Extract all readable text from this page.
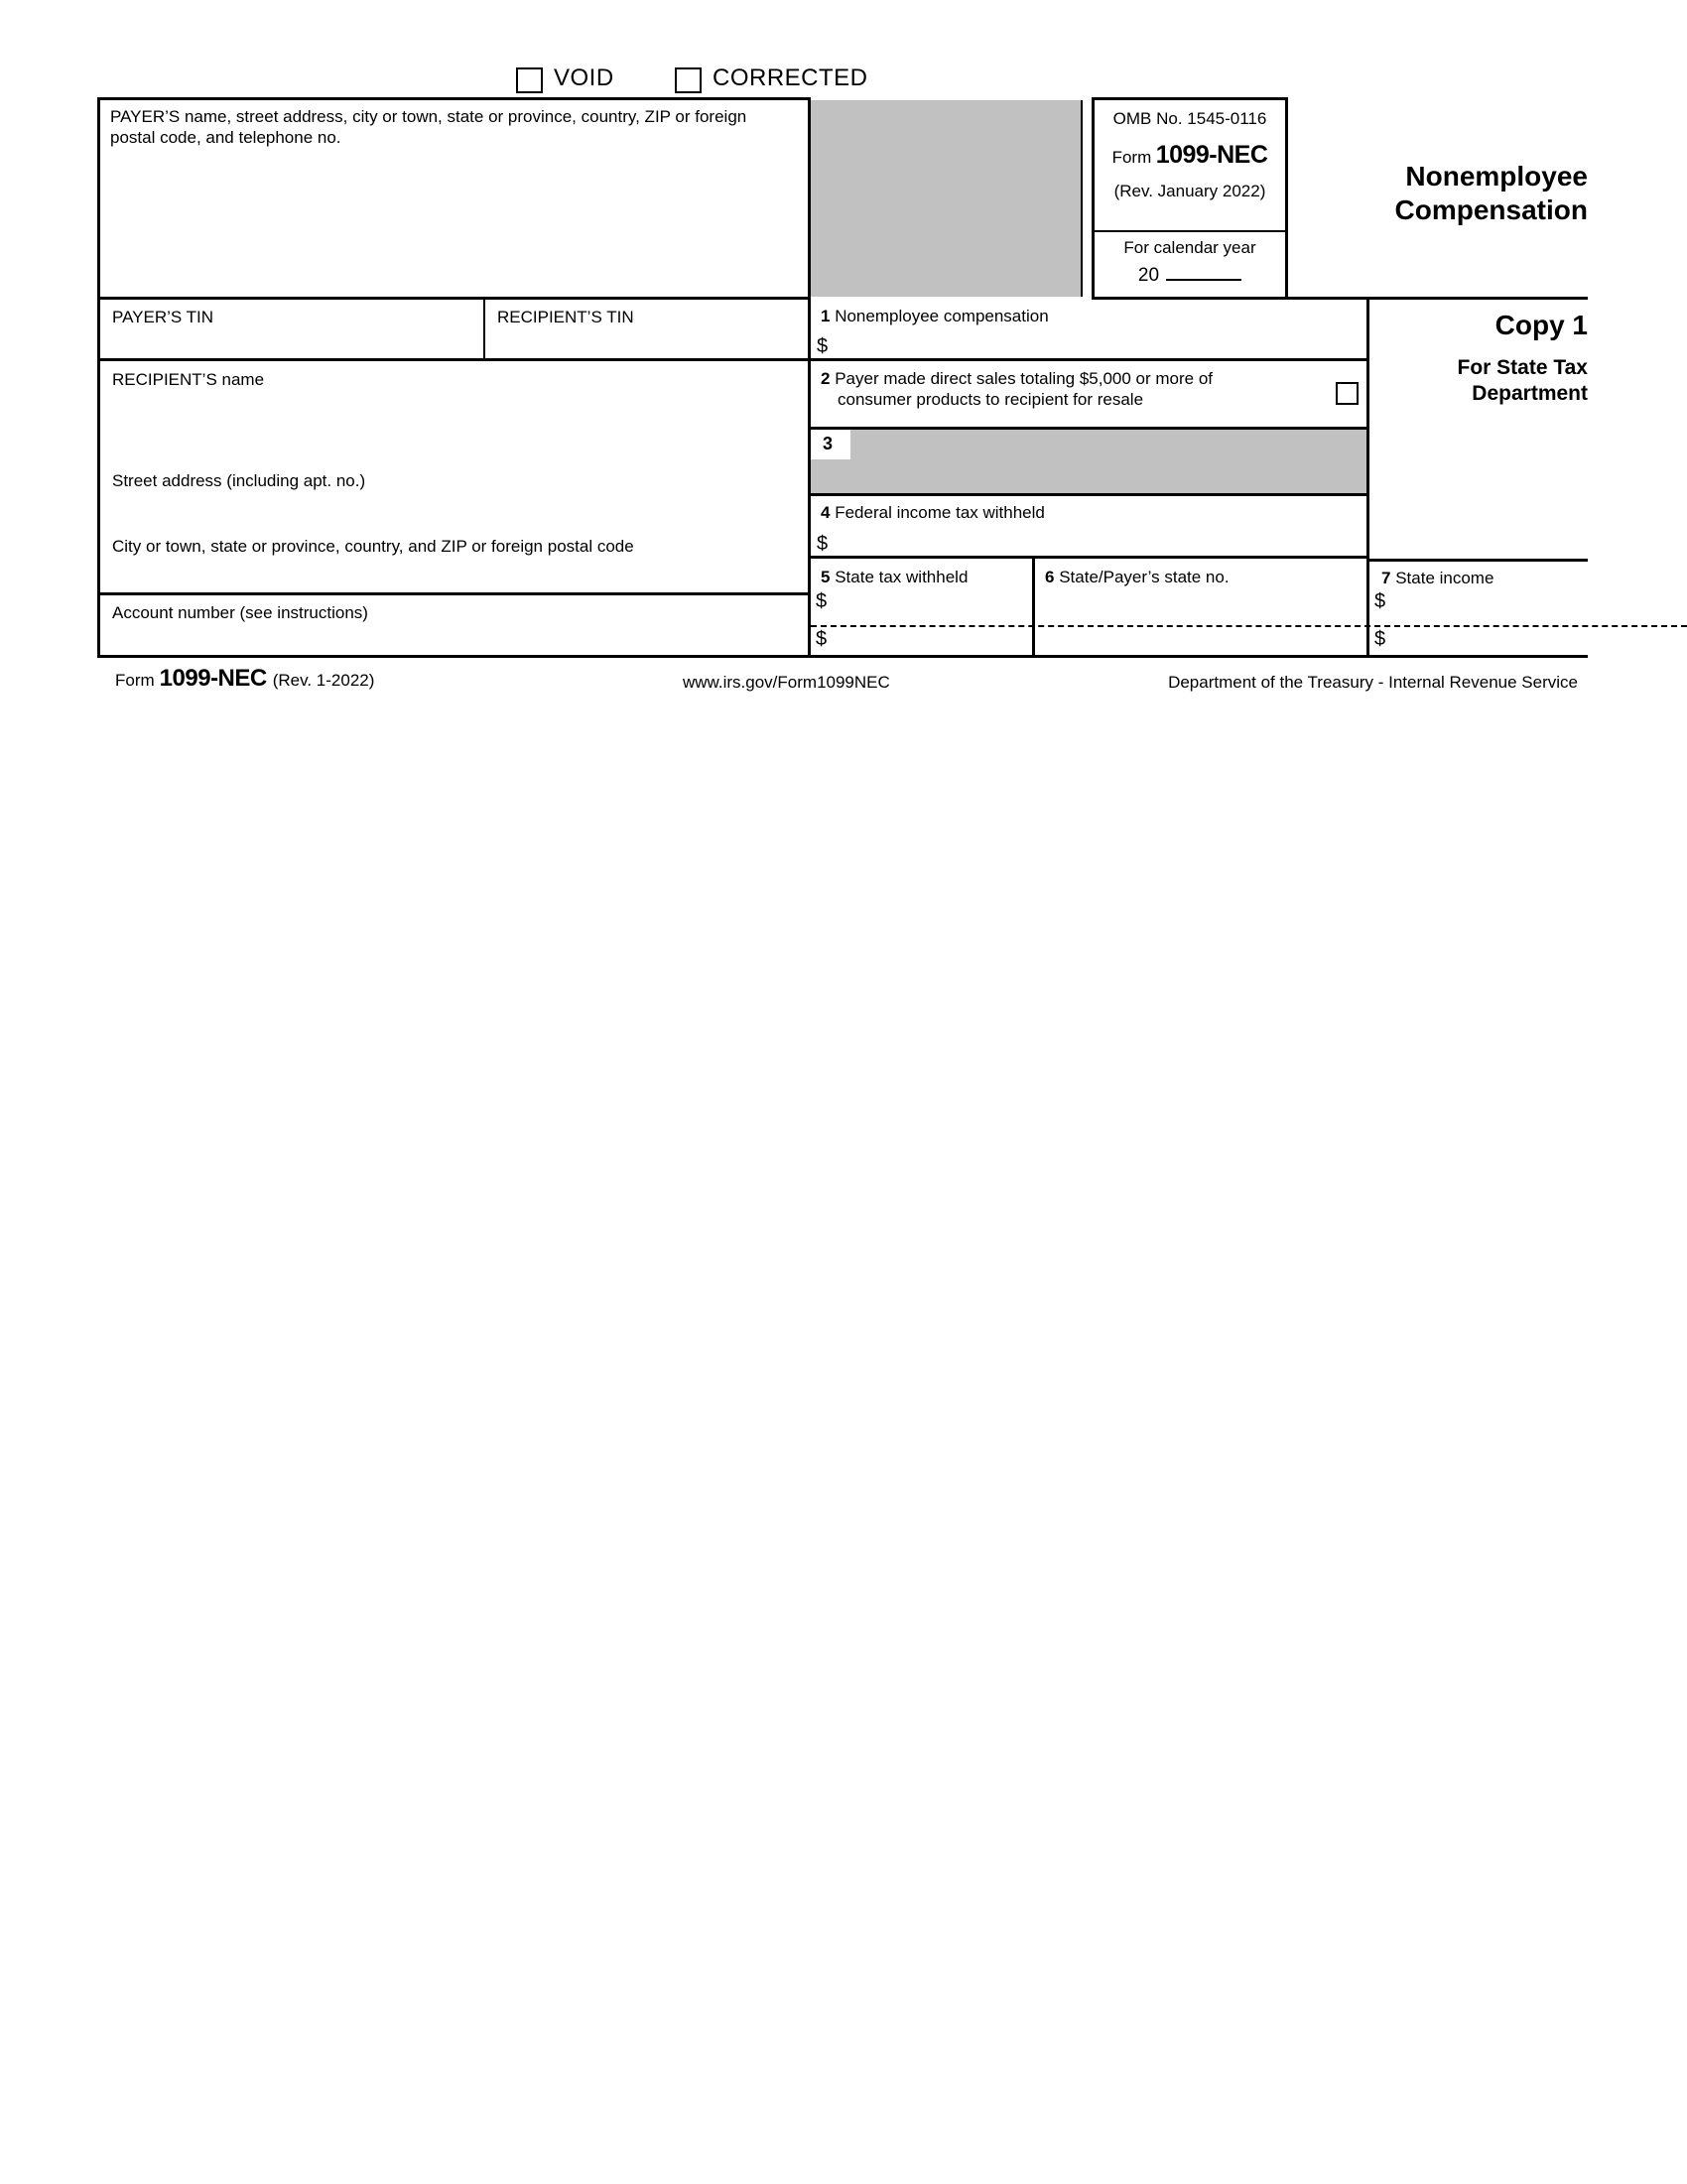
VOID	CORRECTED
PAYER’S name, street address, city or town, state or province, country, ZIP or foreign postal code, and telephone no.
OMB No. 1545-0116
Form 1099-NEC
(Rev. January 2022)
For calendar year
20
Nonemployee Compensation
PAYER’S TIN	RECIPIENT’S TIN	1 Nonemployee compensation
$
Copy 1
For State Tax Department
RECIPIENT’S name
Street address (including apt. no.)
City or town, state or province, country, and ZIP or foreign postal code
2 Payer made direct sales totaling $5,000 or more of consumer products to recipient for resale
3
4 Federal income tax withheld
$
Account number (see instructions)
5 State tax withheld
$
$
6 State/Payer’s state no.	7 State income
$
$
Form 1099-NEC (Rev. 1-2022)	www.irs.gov/Form1099NEC	Department of the Treasury - Internal Revenue Service
